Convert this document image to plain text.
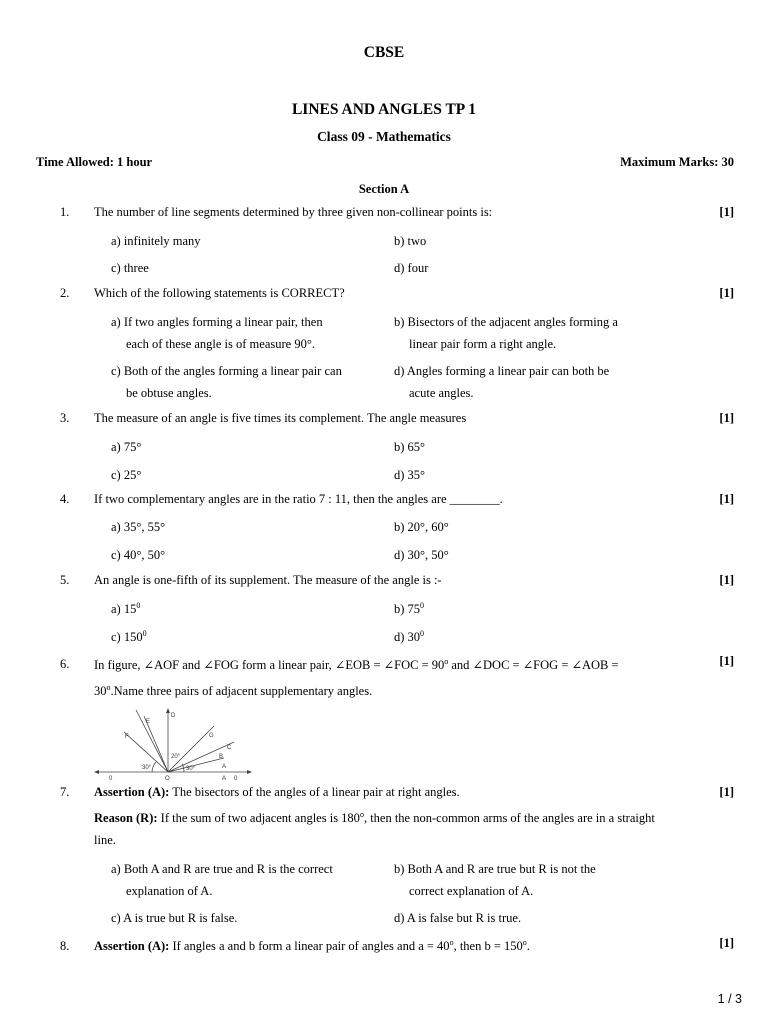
CBSE
LINES AND ANGLES TP 1
Class 09 - Mathematics
Time Allowed: 1 hour	Maximum Marks: 30
Section A
1. The number of line segments determined by three given non-collinear points is:	[1]
a) infinitely many	b) two
c) three	d) four
2. Which of the following statements is CORRECT?	[1]
a) If two angles forming a linear pair, then
each of these angle is of measure 90°.
b) Bisectors of the adjacent angles forming a
linear pair form a right angle.
c) Both of the angles forming a linear pair can
be obtuse angles.
d) Angles forming a linear pair can both be
acute angles.
3. The measure of an angle is five times its complement. The angle measures	[1]
a) 75°	b) 65°
c) 25°	d) 35°
4. If two complementary angles are in the ratio 7 : 11, then the angles are ________.	[1]
a) 35°, 55°	b) 20°, 60°
c) 40°, 50°	d) 30°, 50°
5. An angle is one-fifth of its supplement. The measure of the angle is :-	[1]
a) $15^0$	b) $75^0$
c) $150^0$	d) $30^0$
6. In figure, ∠AOF and ∠FOG form a linear pair, ∠EOB = ∠FOC = $90^o$ and ∠DOC = ∠FOG = ∠AOB =	[1]
30$^o$.Name three pairs of adjacent supplementary angles.
E
D
F	G
C
B
A
O
20°
30°	30°
0	0
A
7. Assertion (A): The bisectors of the angles of a linear pair at right angles.	[1]
Reason (R): If the sum of two adjacent angles is 180$^o$, then the non-common arms of the angles are in a straight
line.
a) Both A and R are true and R is the correct
explanation of A.
b) Both A and R are true but R is not the
correct explanation of A.
c) A is true but R is false.	d) A is false but R is true.
8. Assertion (A): If angles a and b form a linear pair of angles and $a = 40^o$, then $b = 150^o$.	[1]
1 / 3
